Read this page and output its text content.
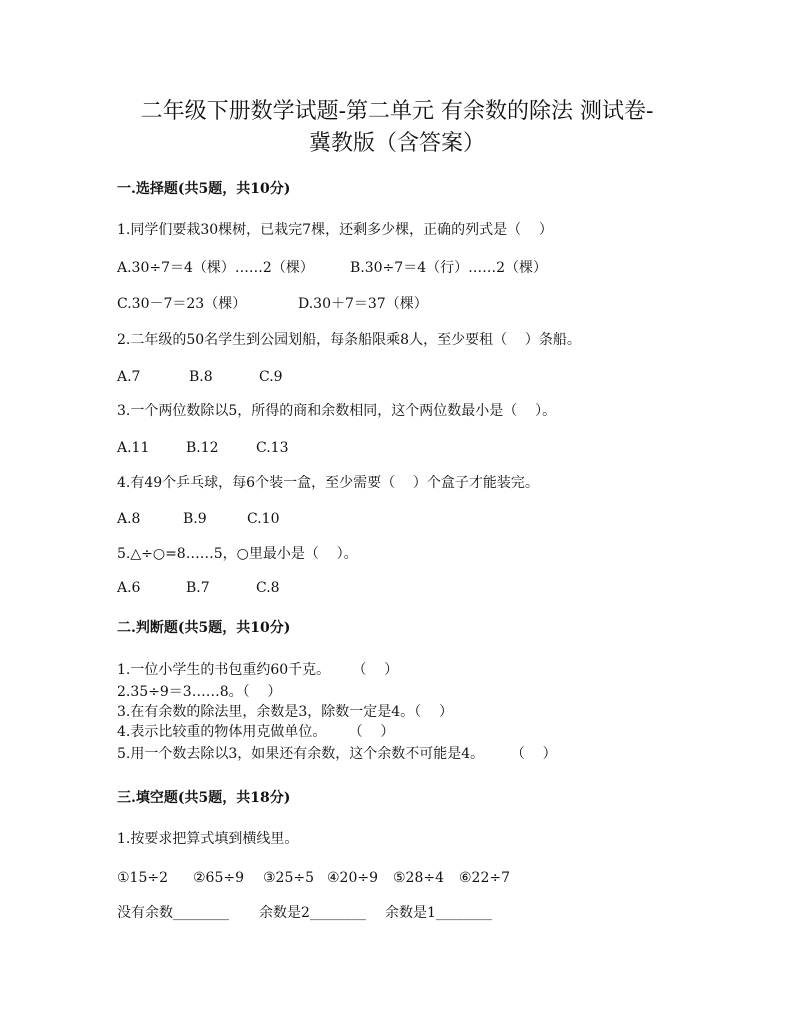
二年级下册数学试题-第二单元 有余数的除法 测试卷-
冀教版（含答案）
一.选择题(共5题，共10分)
1.同学们要栽30棵树，已栽完7棵，还剩多少棵，正确的列式是（    ）
A.30÷7＝4（棵）……2（棵）	B.30÷7＝4（行）……2（棵）
C.30－7＝23（棵）	D.30＋7＝37（棵）
2.二年级的50名学生到公园划船，每条船限乘8人，至少要租（    ）条船。
A.7	B.8	C.9
3.一个两位数除以5，所得的商和余数相同，这个两位数最小是（    ）。
A.11	B.12	C.13
4.有49个乒乓球，每6个装一盒，至少需要（    ）个盒子才能装完。
A.8	B.9	C.10
5.△÷○=8……5，○里最小是（    ）。
A.6	B.7	C.8
二.判断题(共5题，共10分)
1.一位小学生的书包重约60千克。     （    ）
2.35÷9＝3……8。（    ）
3.在有余数的除法里，余数是3，除数一定是4。（    ）
4.表示比较重的物体用克做单位。     （    ）
5.用一个数去除以3，如果还有余数，这个余数不可能是4。      （    ）
三.填空题(共5题，共18分)
1.按要求把算式填到横线里。
①15÷2 ②65÷9 ③25÷5 ④20÷9 ⑤28÷4 ⑥22÷7
没有余数________ 余数是2________ 余数是1________
